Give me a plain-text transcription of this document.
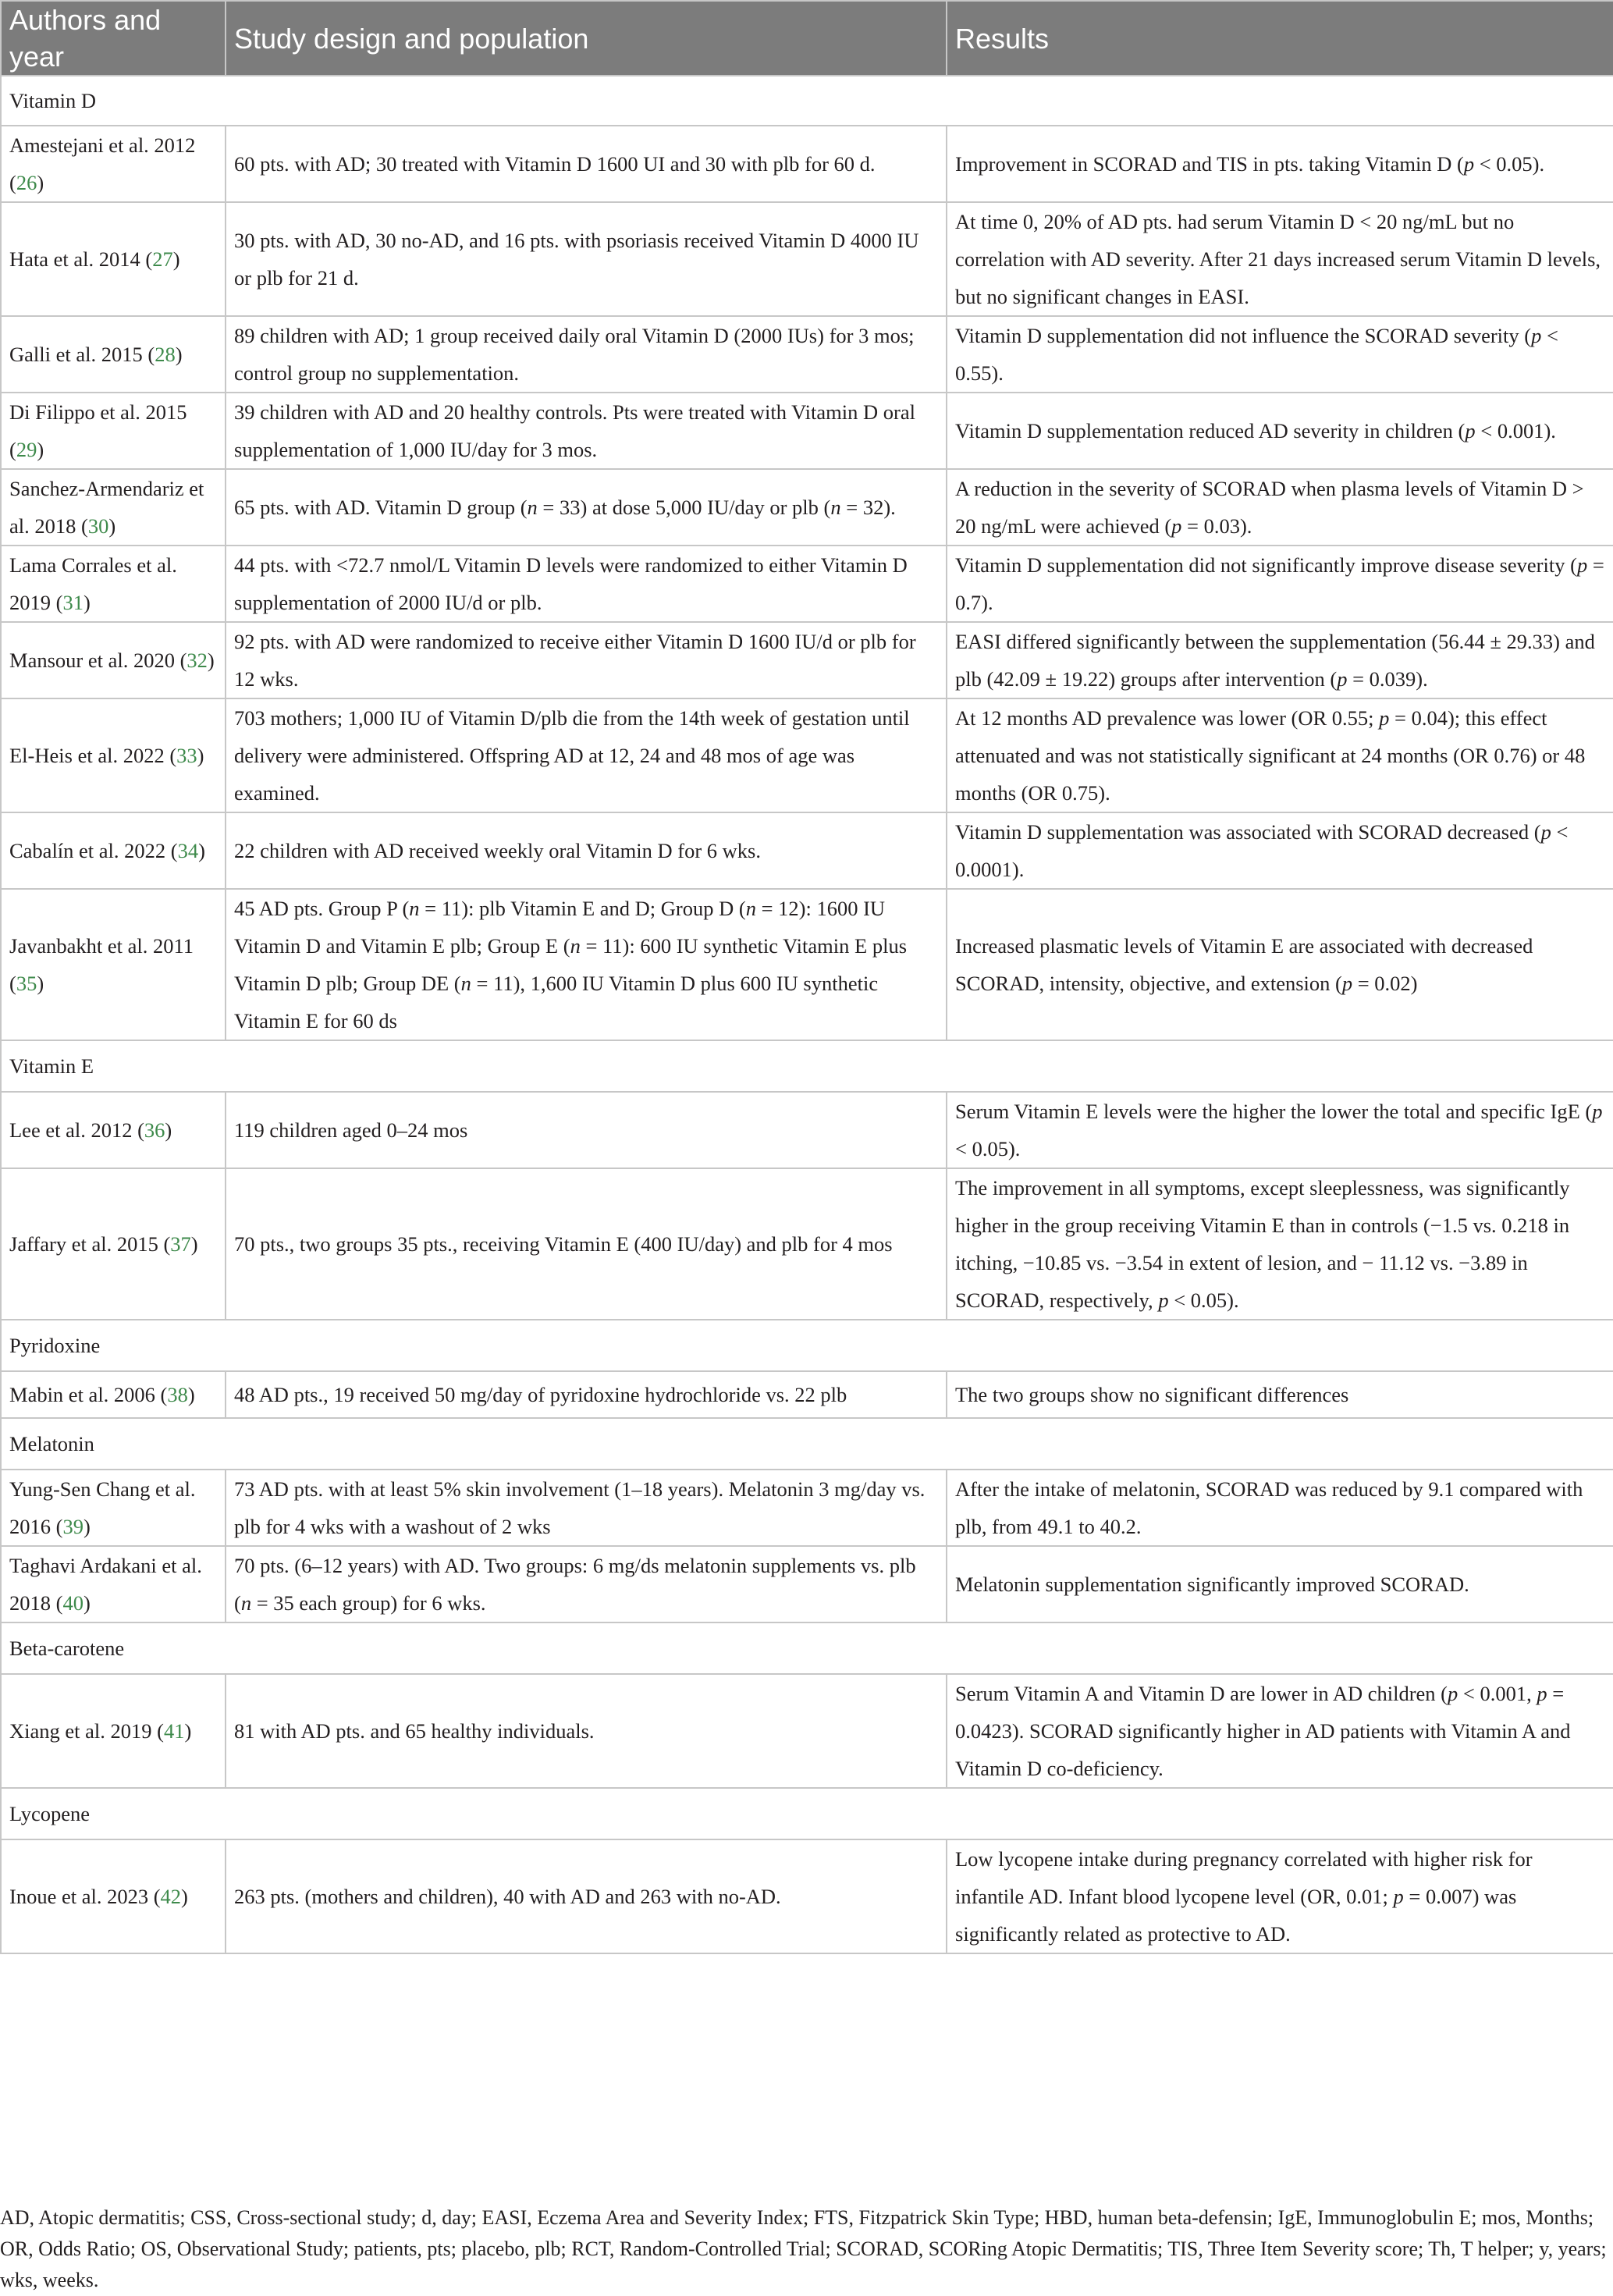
Authors and year	Study design and population	Results
Vitamin D		
Amestejani et al. 2012 (26)	60 pts. with AD; 30 treated with Vitamin D 1600 UI and 30 with plb for 60 d.	Improvement in SCORAD and TIS in pts. taking Vitamin D (p < 0.05).
Hata et al. 2014 (27)	30 pts. with AD, 30 no-AD, and 16 pts. with psoriasis received Vitamin D 4000 IU or plb for 21 d.	At time 0, 20% of AD pts. had serum Vitamin D < 20 ng/mL but no correlation with AD severity. After 21 days increased serum Vitamin D levels, but no significant changes in EASI.
Galli et al. 2015 (28)	89 children with AD; 1 group received daily oral Vitamin D (2000 IUs) for 3 mos; control group no supplementation.	Vitamin D supplementation did not influence the SCORAD severity (p < 0.55).
Di Filippo et al. 2015 (29)	39 children with AD and 20 healthy controls. Pts were treated with Vitamin D oral supplementation of 1,000 IU/day for 3 mos.	Vitamin D supplementation reduced AD severity in children (p < 0.001).
Sanchez-Armendariz et al. 2018 (30)	65 pts. with AD. Vitamin D group (n = 33) at dose 5,000 IU/day or plb (n = 32).	A reduction in the severity of SCORAD when plasma levels of Vitamin D > 20 ng/mL were achieved (p = 0.03).
Lama Corrales et al. 2019 (31)	44 pts. with <72.7 nmol/L Vitamin D levels were randomized to either Vitamin D supplementation of 2000 IU/d or plb.	Vitamin D supplementation did not significantly improve disease severity (p = 0.7).
Mansour et al. 2020 (32)	92 pts. with AD were randomized to receive either Vitamin D 1600 IU/d or plb for 12 wks.	EASI differed significantly between the supplementation (56.44 ± 29.33) and plb (42.09 ± 19.22) groups after intervention (p = 0.039).
El-Heis et al. 2022 (33)	703 mothers; 1,000 IU of Vitamin D/plb die from the 14th week of gestation until delivery were administered. Offspring AD at 12, 24 and 48 mos of age was examined.	At 12 months AD prevalence was lower (OR 0.55; p = 0.04); this effect attenuated and was not statistically significant at 24 months (OR 0.76) or 48 months (OR 0.75).
Cabalín et al. 2022 (34)	22 children with AD received weekly oral Vitamin D for 6 wks.	Vitamin D supplementation was associated with SCORAD decreased (p < 0.0001).
Javanbakht et al. 2011 (35)	45 AD pts. Group P (n = 11): plb Vitamin E and D; Group D (n = 12): 1600 IU Vitamin D and Vitamin E plb; Group E (n = 11): 600 IU synthetic Vitamin E plus Vitamin D plb; Group DE (n = 11), 1,600 IU Vitamin D plus 600 IU synthetic Vitamin E for 60 ds	Increased plasmatic levels of Vitamin E are associated with decreased SCORAD, intensity, objective, and extension (p = 0.02)
Vitamin E		
Lee et al. 2012 (36)	119 children aged 0–24 mos	Serum Vitamin E levels were the higher the lower the total and specific IgE (p < 0.05).
Jaffary et al. 2015 (37)	70 pts., two groups 35 pts., receiving Vitamin E (400 IU/day) and plb for 4 mos	The improvement in all symptoms, except sleeplessness, was significantly higher in the group receiving Vitamin E than in controls (−1.5 vs. 0.218 in itching, −10.85 vs. −3.54 in extent of lesion, and − 11.12 vs. −3.89 in SCORAD, respectively, p < 0.05).
Pyridoxine		
Mabin et al. 2006 (38)	48 AD pts., 19 received 50 mg/day of pyridoxine hydrochloride vs. 22 plb	The two groups show no significant differences
Melatonin		
Yung-Sen Chang et al. 2016 (39)	73 AD pts. with at least 5% skin involvement (1–18 years). Melatonin 3 mg/day vs. plb for 4 wks with a washout of 2 wks	After the intake of melatonin, SCORAD was reduced by 9.1 compared with plb, from 49.1 to 40.2.
Taghavi Ardakani et al. 2018 (40)	70 pts. (6–12 years) with AD. Two groups: 6 mg/ds melatonin supplements vs. plb (n = 35 each group) for 6 wks.	Melatonin supplementation significantly improved SCORAD.
Beta-carotene		
Xiang et al. 2019 (41)	81 with AD pts. and 65 healthy individuals.	Serum Vitamin A and Vitamin D are lower in AD children (p < 0.001, p = 0.0423). SCORAD significantly higher in AD patients with Vitamin A and Vitamin D co-deficiency.
Lycopene		
Inoue et al. 2023 (42)	263 pts. (mothers and children), 40 with AD and 263 with no-AD.	Low lycopene intake during pregnancy correlated with higher risk for infantile AD. Infant blood lycopene level (OR, 0.01; p = 0.007) was significantly related as protective to AD.
AD, Atopic dermatitis; CSS, Cross-sectional study; d, day; EASI, Eczema Area and Severity Index; FTS, Fitzpatrick Skin Type; HBD, human beta-defensin; IgE, Immunoglobulin E; mos, Months; OR, Odds Ratio; OS, Observational Study; patients, pts; placebo, plb; RCT, Random-Controlled Trial; SCORAD, SCORing Atopic Dermatitis; TIS, Three Item Severity score; Th, T helper; y, years; wks, weeks.
